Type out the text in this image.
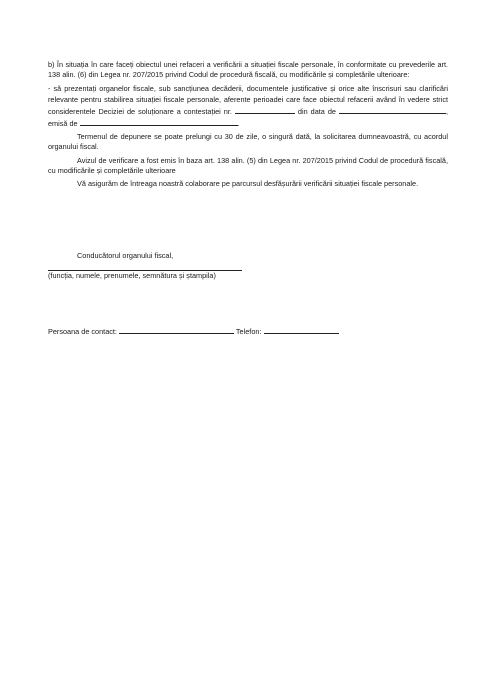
b) În situația în care faceți obiectul unei refaceri a verificării a situației fiscale personale, în conformitate cu prevederile art. 138 alin. (6) din Legea nr. 207/2015 privind Codul de procedură fiscală, cu modificările și completările ulterioare:

- să prezentați organelor fiscale, sub sancțiunea decăderii, documentele justificative și orice alte înscrisuri sau clarificări relevante pentru stabilirea situației fiscale personale, aferente perioadei care face obiectul refacerii având în vedere strict considerentele Deciziei de soluționare a contestației nr.	din data de	, emisă de	.

Termenul de depunere se poate prelungi cu 30 de zile, o singură dată, la solicitarea dumneavoastră, cu acordul organului fiscal.

Avizul de verificare a fost emis în baza art. 138 alin. (5) din Legea nr. 207/2015 privind Codul de procedură fiscală, cu modificările și completările ulterioare

Vă asigurăm de întreaga noastră colaborare pe parcursul desfășurării verificării situației fiscale personale.

Conducătorul organului fiscal,
(funcția, numele, prenumele, semnătura și ștampila)
Persoana de contact:	Telefon:
